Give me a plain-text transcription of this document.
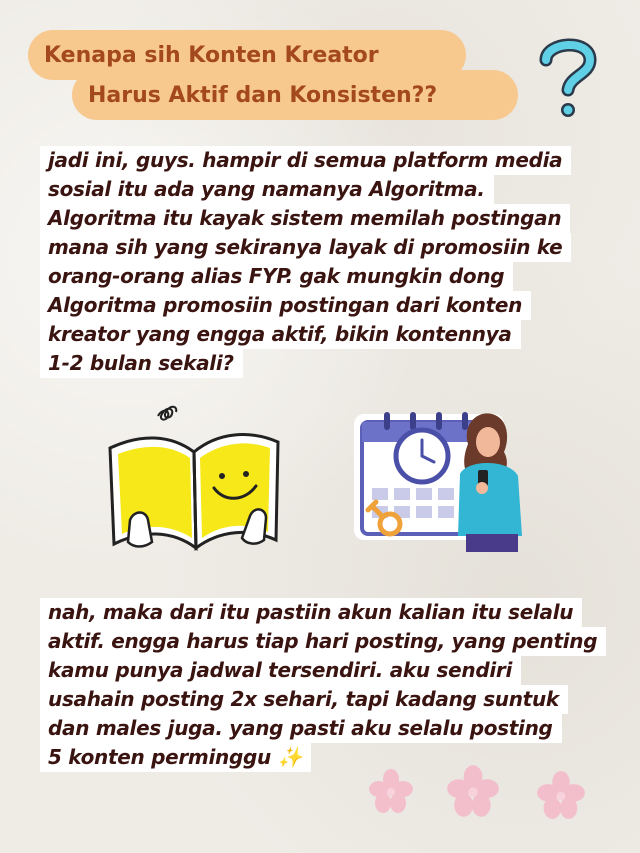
Kenapa sih Konten Kreator
Harus Aktif dan Konsisten??
jadi ini, guys. hampir di semua platform media
sosial itu ada yang namanya Algoritma.
Algoritma itu kayak sistem memilah postingan
mana sih yang sekiranya layak di promosiin ke
orang-orang alias FYP. gak mungkin dong
Algoritma promosiin postingan dari konten
kreator yang engga aktif, bikin kontennya
1-2 bulan sekali?
nah, maka dari itu pastiin akun kalian itu selalu
aktif. engga harus tiap hari posting, yang penting
kamu punya jadwal tersendiri. aku sendiri
usahain posting 2x sehari, tapi kadang suntuk
dan males juga. yang pasti aku selalu posting
5 konten perminggu ✨
